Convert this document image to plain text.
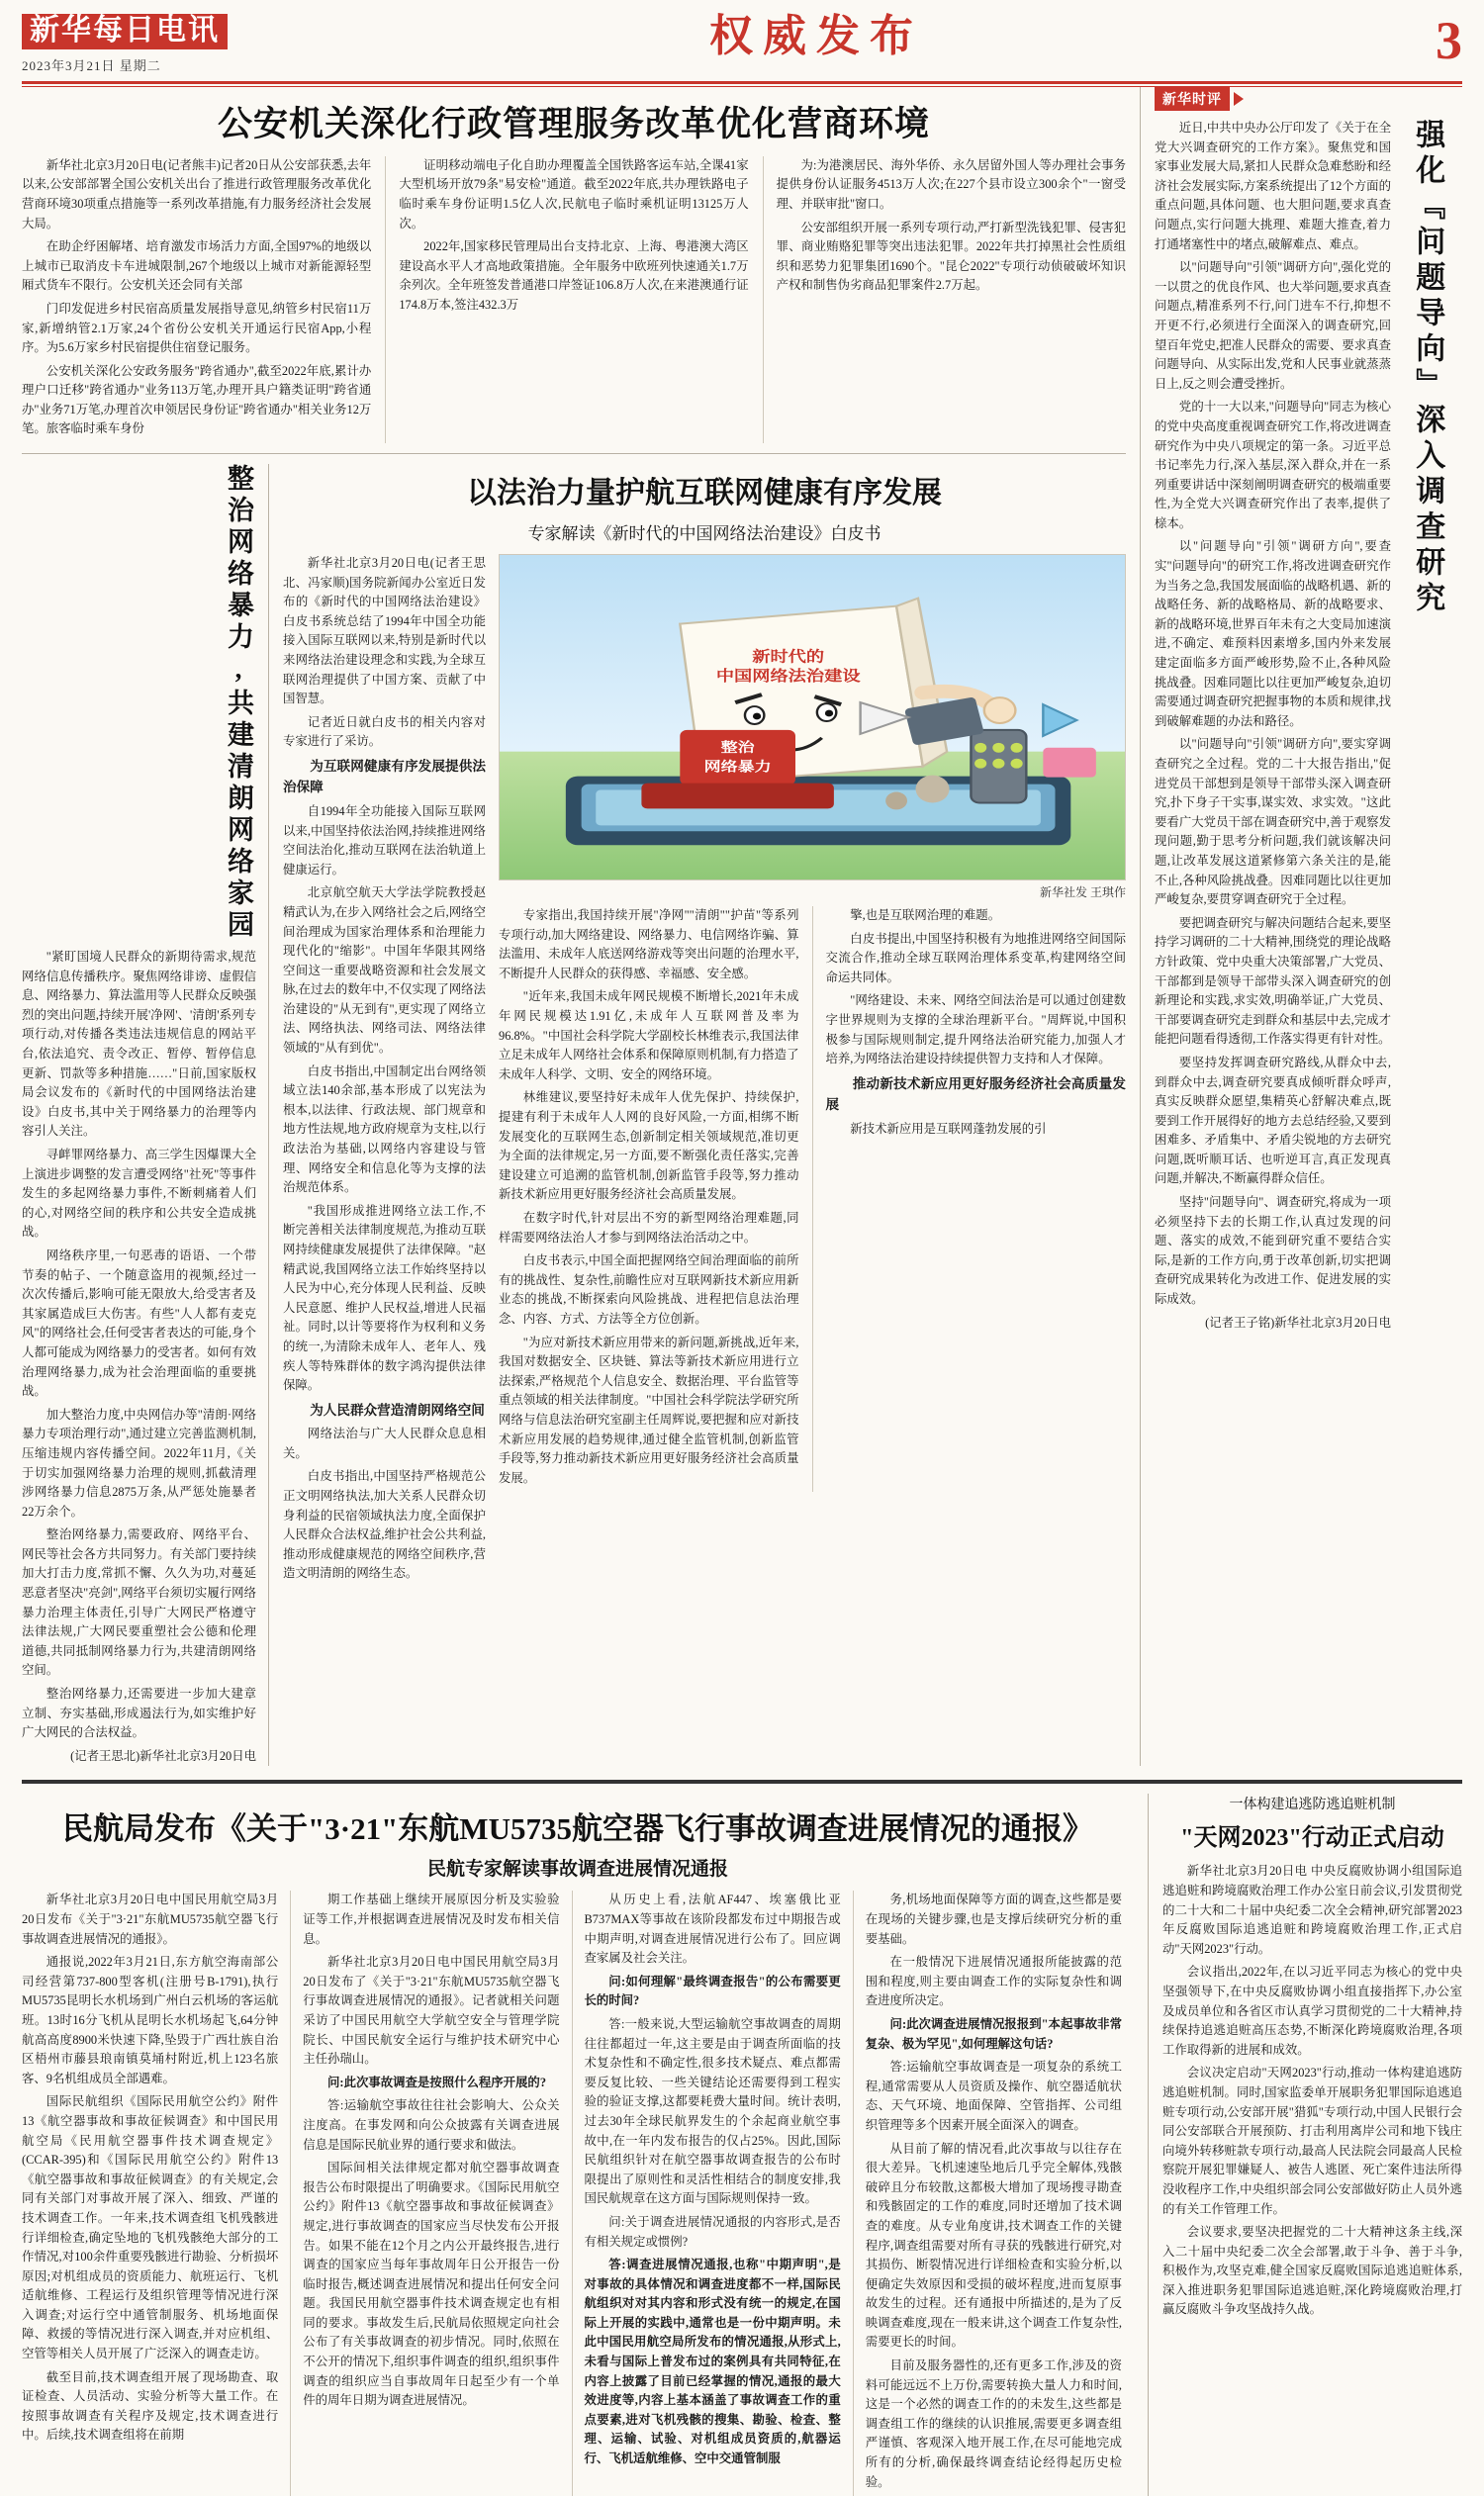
新华每日电讯
2023年3月21日 星期二
权威发布	3
公安机关深化行政管理服务改革优化营商环境

新华社北京3月20日电(记者熊丰)记者20日从公安部获悉,去年以来,公安部部署全国公安机关出台了推进行政管理服务改革优化营商环境30项重点措施等一系列改革措施,有力服务经济社会发展大局。

在助企纾困解堵、培育激发市场活力方面,全国97%的地级以上城市已取消皮卡车进城限制,267个地级以上城市对新能源轻型厢式货车不限行。公安机关还会同有关部

门印发促进乡村民宿高质量发展指导意见,纳管乡村民宿11万家,新增纳管2.1万家,24个省份公安机关开通运行民宿App,小程序。为5.6万家乡村民宿提供住宿登记服务。

公安机关深化公安政务服务"跨省通办",截至2022年底,累计办理户口迁移"跨省通办"业务113万笔,办理开具户籍类证明"跨省通办"业务71万笔,办理首次申领居民身份证"跨省通办"相关业务12万笔。旅客临时乘车身份

证明移动端电子化自助办理覆盖全国铁路客运车站,全课41家大型机场开放79条"易安检"通道。截至2022年底,共办理铁路电子临时乘车身份证明1.5亿人次,民航电子临时乘机证明13125万人次。

2022年,国家移民管理局出台支持北京、上海、粤港澳大湾区建设高水平人才高地政策措施。全年服务中欧班列快速通关1.7万余列次。全年班签发普通港口岸签证106.8万人次,在来港澳通行证174.8万本,签注432.3万

为:为港澳居民、海外华侨、永久居留外国人等办理社会事务提供身份认证服务4513万人次;在227个县市设立300余个"一窗受理、并联审批"窗口。

公安部组织开展一系列专项行动,严打新型洗钱犯罪、侵害犯罪、商业贿赂犯罪等突出违法犯罪。2022年共打掉黑社会性质组织和恶势力犯罪集团1690个。"昆仑2022"专项行动侦破破坏知识产权和制售伪劣商品犯罪案件2.7万起。

整治网络暴力,共建清朗网络家园

"紧盯国境人民群众的新期待需求,规范网络信息传播秩序。聚焦网络诽谤、虚假信息、网络暴力、算法滥用等人民群众反映强烈的突出问题,持续开展'净网'、'清朗'系列专项行动,对传播各类违法违规信息的网站平台,依法追究、责令改正、暂停、暂停信息更新、罚款等多种措施……"日前,国家版权局会议发布的《新时代的中国网络法治建设》白皮书,其中关于网络暴力的治理等内容引人关注。

寻衅罪网络暴力、高三学生因爆课大全上演进步调整的发言遭受网络"社死"等事件发生的多起网络暴力事件,不断刺痛着人们的心,对网络空间的秩序和公共安全造成挑战。

网络秩序里,一句恶毒的语语、一个带节奏的帖子、一个随意盗用的视频,经过一次次传播后,影响可能无限放大,给受害者及其家属造成巨大伤害。有些"人人都有麦克风"的网络社会,任何受害者表达的可能,身个人都可能成为网络暴力的受害者。如何有效治理网络暴力,成为社会治理面临的重要挑战。

加大整治力度,中央网信办等"清朗·网络暴力专项治理行动",通过建立完善监测机制,压缩违规内容传播空间。2022年11月,《关于切实加强网络暴力治理的规则,抓截清理涉网络暴力信息2875万条,从严惩处施暴者22万余个。

整治网络暴力,需要政府、网络平台、网民等社会各方共同努力。有关部门要持续加大打击力度,常抓不懈、久久为功,对蔓延恶意者坚决"亮剑",网络平台须切实履行网络暴力治理主体责任,引导广大网民严格遵守法律法规,广大网民要重塑社会公德和伦理道德,共同抵制网络暴力行为,共建清朗网络空间。

整治网络暴力,还需要进一步加大建章立制、夯实基础,形成遏法行为,如实维护好广大网民的合法权益。

(记者王思北)新华社北京3月20日电
以法治力量护航互联网健康有序发展
专家解读《新时代的中国网络法治建设》白皮书

新华社北京3月20日电(记者王思北、冯家顺)国务院新闻办公室近日发布的《新时代的中国网络法治建设》白皮书系统总结了1994年中国全功能接入国际互联网以来,特别是新时代以来网络法治建设理念和实践,为全球互联网治理提供了中国方案、贡献了中国智慧。

记者近日就白皮书的相关内容对专家进行了采访。

为互联网健康有序发展提供法治保障

自1994年全功能接入国际互联网以来,中国坚持依法治网,持续推进网络空间法治化,推动互联网在法治轨道上健康运行。

北京航空航天大学法学院教授赵精武认为,在步入网络社会之后,网络空间治理成为国家治理体系和治理能力现代化的"缩影"。中国年华限其网络空间这一重要战略资源和社会发展文脉,在过去的数年中,不仅实现了网络法治建设的"从无到有",更实现了网络立法、网络执法、网络司法、网络法律领域的"从有到优"。

白皮书指出,中国制定出台网络领域立法140余部,基本形成了以宪法为根本,以法律、行政法规、部门规章和地方性法规,地方政府规章为支柱,以行政法治为基础,以网络内容建设与管理、网络安全和信息化等为支撑的法治规范体系。

"我国形成推进网络立法工作,不断完善相关法律制度规范,为推动互联网持续健康发展提供了法律保障。"赵精武说,我国网络立法工作始终坚持以人民为中心,充分体现人民利益、反映人民意愿、维护人民权益,增进人民福祉。同时,以计等要将作为权利和义务的统一,为清除未成年人、老年人、残疾人等特殊群体的数字鸿沟提供法律保障。

为人民群众营造清朗网络空间

网络法治与广大人民群众息息相关。

白皮书指出,中国坚持严格规范公正文明网络执法,加大关系人民群众切身利益的民宿领域执法力度,全面保护人民群众合法权益,维护社会公共利益,推动形成健康规范的网络空间秩序,营造文明清朗的网络生态。

新时代的
中国网络法治建设
整治
网络暴力
新华社发 王琪作

专家指出,我国持续开展"净网""清朗""护苗"等系列专项行动,加大网络建设、网络暴力、电信网络诈骗、算法滥用、未成年人底送网络游戏等突出问题的治理水平,不断提升人民群众的获得感、幸福感、安全感。

"近年来,我国未成年网民规模不断增长,2021年未成年网民规模达1.91亿,未成年人互联网普及率为96.8%。"中国社会科学院大学副校长林维表示,我国法律立足未成年人网络社会体系和保障原则机制,有力搭造了未成年人科学、文明、安全的网络环境。

林维建议,要坚持好未成年人优先保护、持续保护,提建有利于未成年人人网的良好风险,一方面,相绑不断发展变化的互联网生态,创新制定相关领域规范,准切更为全面的法律规定,另一方面,要不断强化责任落实,完善建设建立可追溯的监管机制,创新监管手段等,努力推动新技术新应用更好服务经济社会高质量发展。

在数字时代,针对层出不穷的新型网络治理难题,同样需要网络法治人才参与到网络法治活动之中。

白皮书表示,中国全面把握网络空间治理面临的前所有的挑战性、复杂性,前瞻性应对互联网新技术新应用新业态的挑战,不断探索向风险挑战、进程把信息法治理念、内容、方式、方法等全方位创新。

"为应对新技术新应用带来的新问题,新挑战,近年来,我国对数据安全、区块链、算法等新技术新应用进行立法探索,严格规范个人信息安全、数据治理、平台监管等重点领域的相关法律制度。"中国社会科学院法学研究所网络与信息法治研究室副主任周辉说,要把握和应对新技术新应用发展的趋势规律,通过健全监管机制,创新监管手段等,努力推动新技术新应用更好服务经济社会高质量发展。

擎,也是互联网治理的难题。

白皮书提出,中国坚持积极有为地推进网络空间国际交流合作,推动全球互联网治理体系变革,构建网络空间命运共同体。

"网络建设、未来、网络空间法治是可以通过创建数字世界规则为支撑的全球治理新平台。"周辉说,中国积极参与国际规则制定,提升网络法治研究能力,加强人才培养,为网络法治建设持续提供智力支持和人才保障。

推动新技术新应用更好服务经济社会高质量发展

新技术新应用是互联网蓬勃发展的引

新华时评

近日,中共中央办公厅印发了《关于在全党大兴调查研究的工作方案》。聚焦党和国家事业发展大局,紧扣人民群众急难愁盼和经济社会发展实际,方案系统提出了12个方面的重点问题,具体问题、也大胆问题,要求真查问题点,实行问题大挑理、难题大推查,着力打通堵塞性中的堵点,破解难点、难点。

以"问题导向"引领"调研方向",强化党的一以贯之的优良作风、也大举问题,要求真查问题点,精准系列不行,问门进车不行,抑想不开更不行,必须进行全面深入的调查研究,回望百年党史,把准人民群众的需要、要求真查问题导向、从实际出发,党和人民事业就蒸蒸日上,反之则会遭受挫折。

党的十一大以来,"问题导向"同志为核心的党中央高度重视调查研究工作,将改进调查研究作为中央八项规定的第一条。习近平总书记率先力行,深入基层,深入群众,并在一系列重要讲话中深刻阐明调查研究的极端重要性,为全党大兴调查研究作出了表率,提供了榇本。

以"问题导向"引领"调研方向",要查实"问题导向"的研究工作,将改进调查研究作为当务之急,我国发展面临的战略机遇、新的战略任务、新的战略格局、新的战略要求、新的战略环境,世界百年未有之大变局加速演进,不确定、难预料因素增多,国内外来发展建定面临多方面严峻形势,险不止,各种风险挑战叠。因难同题比以往更加严峻复杂,迫切需要通过调查研究把握事物的本质和规律,找到破解难题的办法和路径。

以"问题导向"引领"调研方向",要实穿调查研究之全过程。党的二十大报告指出,"促进党员干部想到是领导干部带头深入调查研究,扑下身子干实事,谋实效、求实效。"这此要看广大党员干部在调查研究中,善于观察发现问题,勤于思考分析问题,我们就该解决问题,让改革发展这道紧修第六条关注的是,能不止,各种风险挑战叠。因难同题比以往更加严峻复杂,要贯穿调查研究于全过程。

要把调查研究与解决问题结合起来,要坚持学习调研的二十大精神,围绕党的理论战略方针政策、党中央重大决策部署,广大党员、干部都到是领导干部带头深入调查研究的创新理论和实践,求实效,明确举证,广大党员、干部要调查研究走到群众和基层中去,完成才能把问题看得透彻,工作落实得更有针对性。

要坚持发挥调查研究路线,从群众中去,到群众中去,调查研究要真成倾听群众呼声,真实反映群众愿望,集精英心舒解决难点,既要到工作开展得好的地方去总结经验,又要到困难多、矛盾集中、矛盾尖锐地的方去研究问题,既听顺耳话、也听逆耳言,真正发现真问题,并解决,不断赢得群众信任。

坚持"问题导向"、调查研究,将成为一项必须坚持下去的长期工作,认真过发现的问题、落实的成效,不能到研究重不要结合实际,是新的工作方向,勇于改革创新,切实把调查研究成果转化为改进工作、促进发展的实际成效。

(记者王子铭)新华社北京3月20日电
强化『问题导向』深入调查研究
民航局发布《关于"3·21"东航MU5735航空器飞行事故调查进展情况的通报》
民航专家解读事故调查进展情况通报

新华社北京3月20日电中国民用航空局3月20日发布《关于"3·21"东航MU5735航空器飞行事故调查进展情况的通报》。

通报说,2022年3月21日,东方航空海南部公司经营第737-800型客机(注册号B-1791),执行MU5735昆明长水机场到广州白云机场的客运航班。13时16分飞机从昆明长水机场起飞,64分钟航高高度8900米快速下降,坠毁于广西壮族自治区梧州市藤县琅南镇莫埇村附近,机上123名旅客、9名机组成员全部遇难。

国际民航组织《国际民用航空公约》附件13《航空器事故和事故征候调查》和中国民用航空局《民用航空器事件技术调查规定》(CCAR-395)和《国际民用航空公约》附件13《航空器事故和事故征候调查》的有关规定,会同有关部门对事故开展了深入、细致、严谨的技术调查工作。一年来,技术调查组飞机残骸进行详细检查,确定坠地的飞机残骸绝大部分的工作情况,对100余件重要残骸进行勘验、分析损坏原因;对机组成员的资质能力、航班运行、飞机适航维修、工程运行及组织管理等情况进行深入调查;对运行空中通管制服务、机场地面保障、救援的等情况进行深入调查,并对应机组、空管等相关人员开展了广泛深入的调查走访。

截至目前,技术调查组开展了现场勘查、取证检查、人员活动、实验分析等大量工作。在按照事故调查有关程序及规定,技术调查进行中。后续,技术调查组将在前期

期工作基础上继续开展原因分析及实验验证等工作,并根据调查进展情况及时发布相关信息。

新华社北京3月20日电中国民用航空局3月20日发布了《关于"3·21"东航MU5735航空器飞行事故调查进展情况的通报》。记者就相关问题采访了中国民用航空大学航空安全与管理学院院长、中国民航安全运行与维护技术研究中心主任孙瑞山。

问:此次事故调查是按照什么程序开展的?

答:运输航空事故往往社会影响大、公众关注度高。在事发网和向公众披露有关调查进展信息是国际民航业界的通行要求和做法。

国际间相关法律规定都对航空器事故调查报告公布时限提出了明确要求。《国际民用航空公约》附件13《航空器事故和事故征候调查》规定,进行事故调查的国家应当尽快发布公开报告。如果不能在12个月之内公开最终报告,进行调查的国家应当每年事故周年日公开报告一份临时报告,概述调查进展情况和提出任何安全问题。我国民用航空器事件技术调查规定也有相同的要求。事故发生后,民航局依照规定向社会公布了有关事故调查的初步情况。同时,依照在不公开的情况下,组织事件调查的组织,组织事件调查的组织应当自事故周年日起至少有一个单件的周年日期为调查进展情况。

从历史上看,法航AF447、埃塞俄比亚B737MAX等事故在该阶段都发布过中期报告或中期声明,对调查进展情况进行公布了。回应调查家属及社会关注。

问:如何理解"最终调查报告"的公布需要更长的时间?

答:一般来说,大型运输航空事故调查的周期往往都超过一年,这主要是由于调查所面临的技术复杂性和不确定性,很多技术疑点、难点都需要反复比较、一些关键结论还需要得到工程实验的验证支撑,这都要耗费大量时间。统计表明,过去30年全球民航界发生的个余起商业航空事故中,在一年内发布报告的仅占25%。因此,国际民航组织针对在航空器事故调查报告的公布时限提出了原则性和灵活性相结合的制度安排,我国民航规章在这方面与国际规则保持一致。

问:关于调查进展情况通报的内容形式,是否有相关规定或惯例?

答:调查进展情况通报,也称"中期声明",是对事故的具体情况和调查进度都不一样,国际民航组织对对其内容和形式没有统一的规定,在国际上开展的实践中,通常也是一份中期声明。未此中国民用航空局所发布的情况通报,从形式上,未看与国际上普发布过的案例具有共同特征,在内容上披露了目前已经掌握的情况,通报的最大效进度等,内容上基本涵盖了事故调查工作的重点要素,进对飞机残骸的搜集、勘验、检查、整理、运输、试验、对机组成员资质的,航器运行、飞机适航维修、空中交通管制服

务,机场地面保障等方面的调查,这些都是要在现场的关键步骤,也是支撑后续研究分析的重要基础。

在一般情况下进展情况通报所能披露的范围和程度,则主要由调查工作的实际复杂性和调查进度所决定。

问:此次调查进展情况报报到"本起事故非常复杂、极为罕见",如何理解这句话?

答:运输航空事故调查是一项复杂的系统工程,通常需要从人员资质及操作、航空器适航状态、天气环境、地面保障、空管指挥、公司组织管理等多个因素开展全面深入的调查。

从目前了解的情况看,此次事故与以往存在很大差异。飞机速速坠地后几乎完全解体,残骸破碎且分布较散,这都极大增加了现场搜寻勘查和残骸固定的工作的难度,同时还增加了技术调查的难度。从专业角度讲,技术调查工作的关键程序,调查组需要对所有寻获的残骸进行研究,对其损伤、断裂情况进行详细检查和实验分析,以便确定失效原因和受损的破坏程度,进而复原事故发生的过程。还有通报中所描述的,是为了反映调查难度,现在一般来讲,这个调查工作复杂性,需要更长的时间。

目前及服务器性的,还有更多工作,涉及的资料可能远远不上万份,需要转换大量人力和时间,这是一个必然的调查工作的的未发生,这些都是调查组工作的继续的认识推展,需要更多调查组严谨慎、客观深入地开展工作,在尽可能地完成所有的分析,确保最终调查结论经得起历史检验。

一体构建追逃防逃追赃机制
"天网2023"行动正式启动

新华社北京3月20日电 中央反腐败协调小组国际追逃追赃和跨境腐败治理工作办公室日前会议,引发贯彻党的二十大和二十届中央纪委二次全会精神,研究部署2023年反腐败国际追逃追赃和跨境腐败治理工作,正式启动"天网2023"行动。

会议指出,2022年,在以习近平同志为核心的党中央坚强领导下,在中央反腐败协调小组直接指挥下,办公室及成员单位和各省区市认真学习贯彻党的二十大精神,持续保持追逃追赃高压态势,不断深化跨境腐败治理,各项工作取得新的进展和成效。

会议决定启动"天网2023"行动,推动一体构建追逃防逃追赃机制。同时,国家监委单开展职务犯罪国际追逃追赃专项行动,公安部开展"猎狐"专项行动,中国人民银行会同公安部联合开展预防、打击利用离岸公司和地下钱庄向境外转移赃款专项行动,最高人民法院会同最高人民检察院开展犯罪嫌疑人、被告人逃匿、死亡案件违法所得没收程序工作,中央组织部会同公安部做好防止人员外逃的有关工作管理工作。

会议要求,要坚决把握党的二十大精神这条主线,深入二十届中央纪委二次全会部署,敢于斗争、善于斗争,积极作为,攻坚克难,健全国家反腐败国际追逃追赃体系,深入推进职务犯罪国际追逃追赃,深化跨境腐败治理,打赢反腐败斗争攻坚战持久战。
